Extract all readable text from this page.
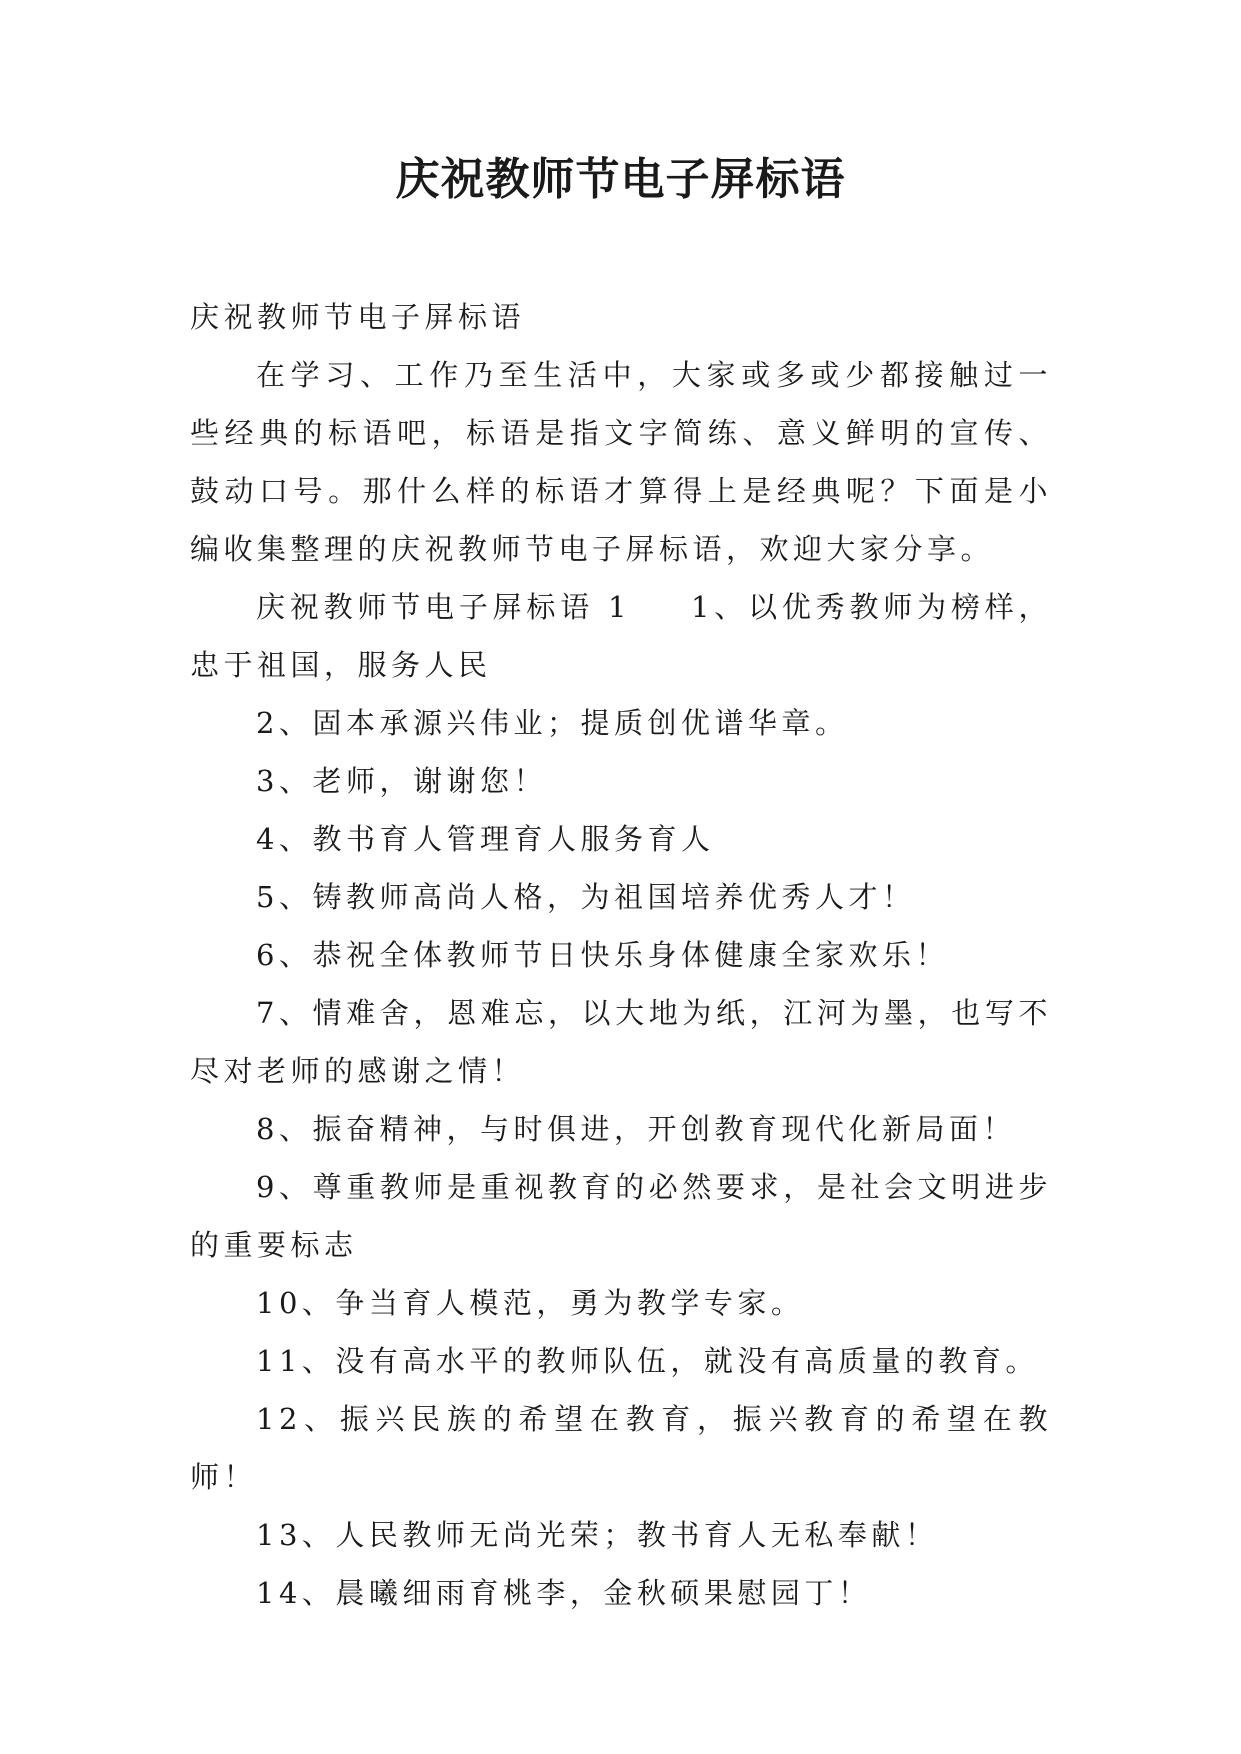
庆祝教师节电子屏标语

庆祝教师节电子屏标语

在学习、工作乃至生活中，大家或多或少都接触过一些经典的标语吧，标语是指文字简练、意义鲜明的宣传、鼓动口号。那什么样的标语才算得上是经典呢？下面是小编收集整理的庆祝教师节电子屏标语，欢迎大家分享。

庆祝教师节电子屏标语 1 1、以优秀教师为榜样，忠于祖国，服务人民

2、固本承源兴伟业；提质创优谱华章。

3、老师，谢谢您！

4、教书育人管理育人服务育人

5、铸教师高尚人格，为祖国培养优秀人才！

6、恭祝全体教师节日快乐身体健康全家欢乐！

7、情难舍，恩难忘，以大地为纸，江河为墨，也写不尽对老师的感谢之情！

8、振奋精神，与时俱进，开创教育现代化新局面！

9、尊重教师是重视教育的必然要求，是社会文明进步的重要标志

10、争当育人模范，勇为教学专家。

11、没有高水平的教师队伍，就没有高质量的教育。

12、振兴民族的希望在教育，振兴教育的希望在教师！

13、人民教师无尚光荣；教书育人无私奉献！

14、晨曦细雨育桃李，金秋硕果慰园丁！
